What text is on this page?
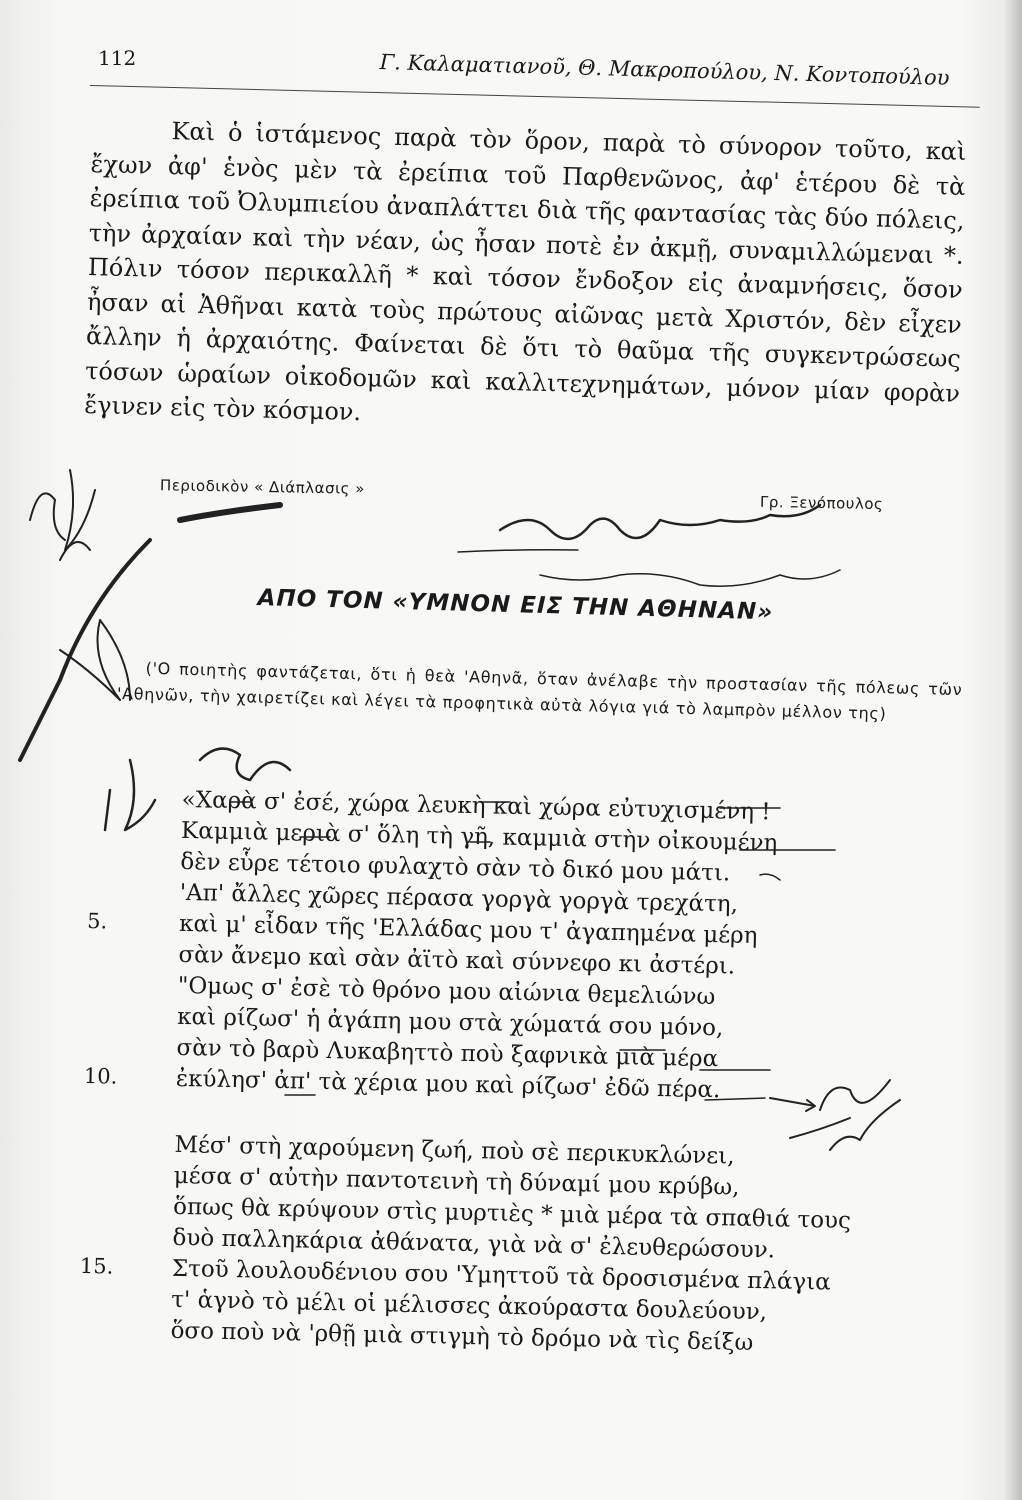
112	Γ. Καλαματιανοῦ, Θ. Μακροπούλου, Ν. Κοντοπούλου

Καὶ ὁ ἱστάμενος παρὰ τὸν ὅρον, παρὰ τὸ σύνορον τοῦτο, καὶ ἔχων ἀφ' ἑνὸς μὲν τὰ ἐρείπια τοῦ Παρθενῶνος, ἀφ' ἑτέρου δὲ τὰ ἐρείπια τοῦ Ὀλυμπιείου ἀναπλάττει διὰ τῆς φαντασίας τὰς δύο πόλεις, τὴν ἀρχαίαν καὶ τὴν νέαν, ὡς ἦσαν ποτὲ ἐν ἀκμῇ, συναμιλλώμεναι *. Πόλιν τόσον περικαλλῆ * καὶ τόσον ἔνδοξον εἰς ἀναμνήσεις, ὅσον ἦσαν αἱ Ἀθῆναι κατὰ τοὺς πρώτους αἰῶνας μετὰ Χριστόν, δὲν εἶχεν ἄλλην ἡ ἀρχαιότης. Φαίνεται δὲ ὅτι τὸ θαῦμα τῆς συγκεντρώσεως τόσων ὡραίων οἰκοδομῶν καὶ καλλιτεχνημάτων, μόνον μίαν φορὰν ἔγινεν εἰς τὸν κόσμον.

Περιοδικὸν « Διάπλασις »
Γρ. Ξενόπουλος
ΑΠΟ ΤΟΝ «ΥΜΝΟΝ ΕΙΣ ΤΗΝ ΑΘΗΝΑΝ»

('Ο ποιητὴς φαντάζεται, ὅτι ἡ θεὰ 'Αθηνᾶ, ὅταν ἀνέλαβε τὴν προστασίαν τῆς πόλεως τῶν 'Αθηνῶν, τὴν χαιρετίζει καὶ λέγει τὰ προφητικὰ αὐτὰ λόγια γιά τὸ λαμπρὸν μέλλον της)

«Χαρὰ σ' ἐσέ, χώρα λευκὴ καὶ χώρα εὐτυχισμένη !
Καμμιὰ μεριὰ σ' ὅλη τὴ γῆ, καμμιὰ στὴν οἰκουμένη
δὲν εὗρε τέτοιο φυλαχτὸ σὰν τὸ δικό μου μάτι.
'Απ' ἄλλες χῶρες πέρασα γοργὰ γοργὰ τρεχάτη,
5.	καὶ μ' εἶδαν τῆς 'Ελλάδας μου τ' ἀγαπημένα μέρη
σὰν ἄνεμο καὶ σὰν ἀϊτὸ καὶ σύννεφο κι ἀστέρι.
"Ομως σ' ἐσὲ τὸ θρόνο μου αἰώνια θεμελιώνω
καὶ ρίζωσ' ἡ ἀγάπη μου στὰ χώματά σου μόνο,
σὰν τὸ βαρὺ Λυκαβηττὸ ποὺ ξαφνικὰ μιὰ μέρα
10.	ἐκύλησ' ἀπ' τὰ χέρια μου καὶ ρίζωσ' ἐδῶ πέρα.
Μέσ' στὴ χαρούμενη ζωή, ποὺ σὲ περικυκλώνει,
μέσα σ' αὐτὴν παντοτεινὴ τὴ δύναμί μου κρύβω,
ὅπως θὰ κρύψουν στὶς μυρτιὲς * μιὰ μέρα τὰ σπαθιά τους
δυὸ παλληκάρια ἀθάνατα, γιὰ νὰ σ' ἐλευθερώσουν.
15.	Στοῦ λουλουδένιου σου 'Υμηττοῦ τὰ δροσισμένα πλάγια
τ' ἁγνὸ τὸ μέλι οἱ μέλισσες ἀκούραστα δουλεύουν,
ὅσο ποὺ νὰ 'ρθῇ μιὰ στιγμὴ τὸ δρόμο νὰ τὶς δείξω
